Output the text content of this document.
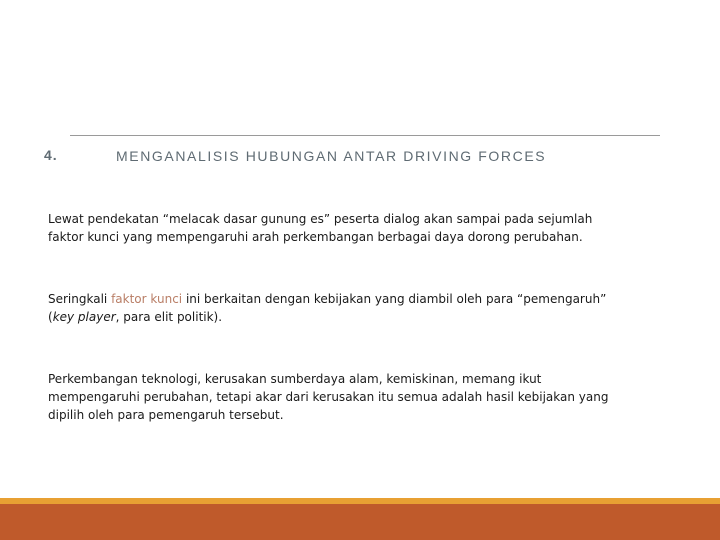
4.	MENGANALISIS HUBUNGAN ANTAR DRIVING FORCES
Lewat pendekatan “melacak dasar gunung es” peserta dialog akan sampai pada sejumlah
faktor kunci yang mempengaruhi arah perkembangan berbagai daya dorong perubahan.
Seringkali faktor kunci ini berkaitan dengan kebijakan yang diambil oleh para “pemengaruh”
(key player, para elit politik).
Perkembangan teknologi, kerusakan sumberdaya alam, kemiskinan, memang ikut
mempengaruhi perubahan, tetapi akar dari kerusakan itu semua adalah hasil kebijakan yang
dipilih oleh para pemengaruh tersebut.
